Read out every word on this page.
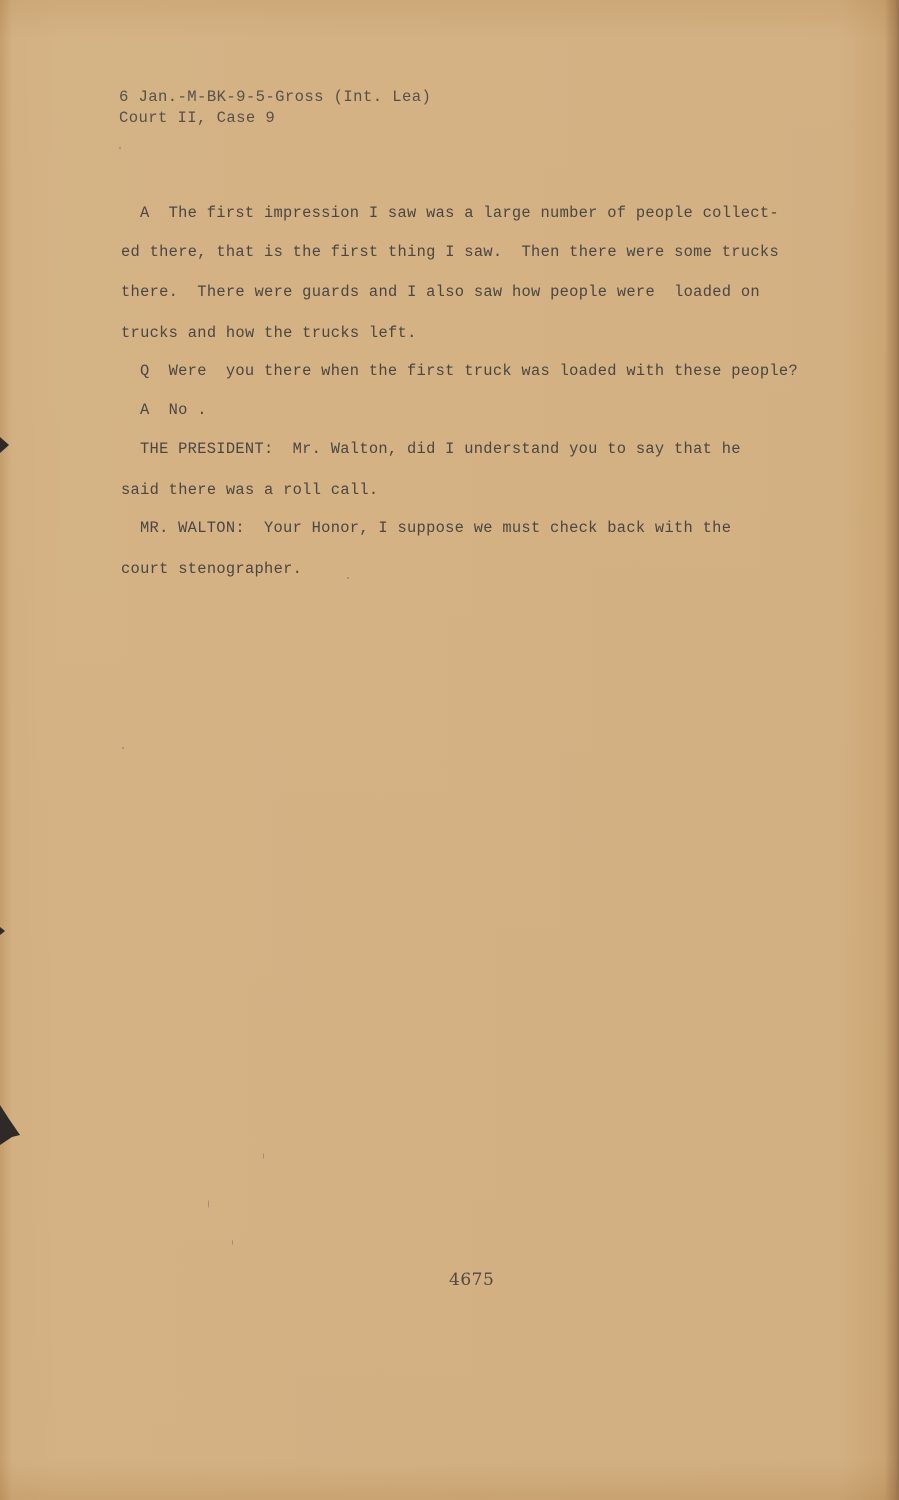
6 Jan.-M-BK-9-5-Gross (Int. Lea)
Court II, Case 9
A  The first impression I saw was a large number of people collect-
ed there, that is the first thing I saw.  Then there were some trucks
there.  There were guards and I also saw how people were  loaded on
trucks and how the trucks left.
Q  Were  you there when the first truck was loaded with these people?
A  No .
THE PRESIDENT:  Mr. Walton, did I understand you to say that he
said there was a roll call.
MR. WALTON:  Your Honor, I suppose we must check back with the
court stenographer.
4675
